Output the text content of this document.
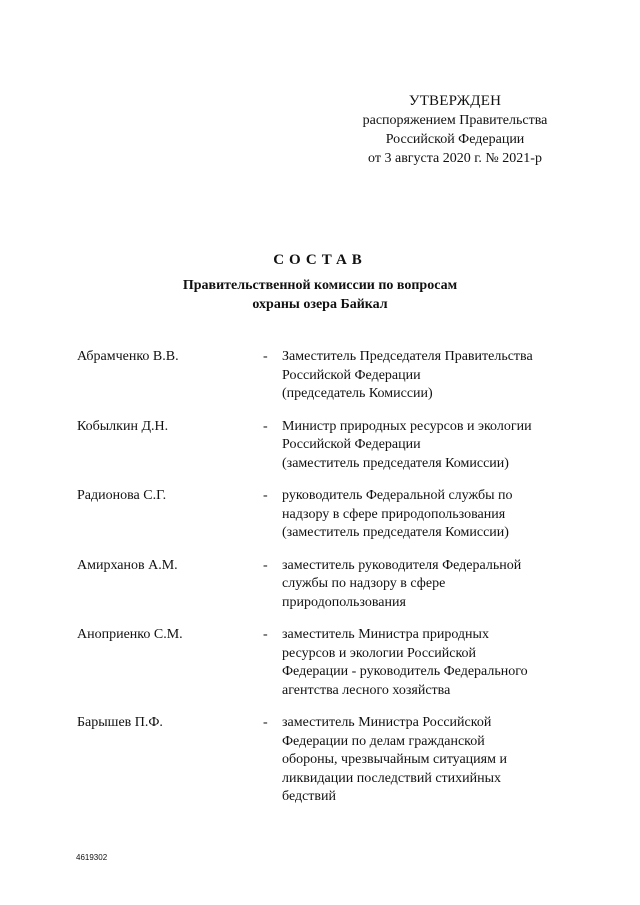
УТВЕРЖДЕН
распоряжением Правительства
Российской Федерации
от 3 августа 2020 г. № 2021-р
СОСТАВ
Правительственной комиссии по вопросам
охраны озера Байкал
Абрамченко В.В.	- Заместитель Председателя Правительства
Российской Федерации
(председатель Комиссии)
Кобылкин Д.Н.	- Министр природных ресурсов и экологии
Российской Федерации
(заместитель председателя Комиссии)
Радионова С.Г.	- руководитель Федеральной службы по
надзору в сфере природопользования
(заместитель председателя Комиссии)
Амирханов А.М.	- заместитель руководителя Федеральной
службы по надзору в сфере
природопользования
Аноприенко С.М.	- заместитель Министра природных
ресурсов и экологии Российской
Федерации - руководитель Федерального
агентства лесного хозяйства
Барышев П.Ф.	- заместитель Министра Российской
Федерации по делам гражданской
обороны, чрезвычайным ситуациям и
ликвидации последствий стихийных
бедствий
4619302
